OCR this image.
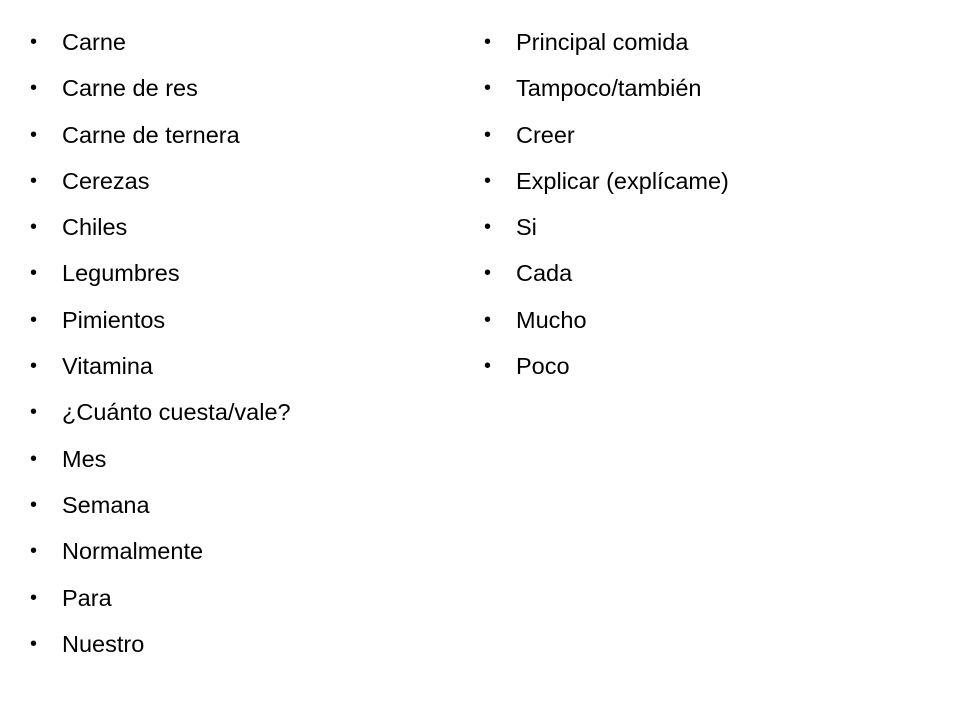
• Carne
• Carne de res
• Carne de ternera
• Cerezas
• Chiles
• Legumbres
• Pimientos
• Vitamina
• ¿Cuánto cuesta/vale?
• Mes
• Semana
• Normalmente
• Para
• Nuestro
• Principal comida
• Tampoco/también
• Creer
• Explicar (explícame)
• Si
• Cada
• Mucho
• Poco
